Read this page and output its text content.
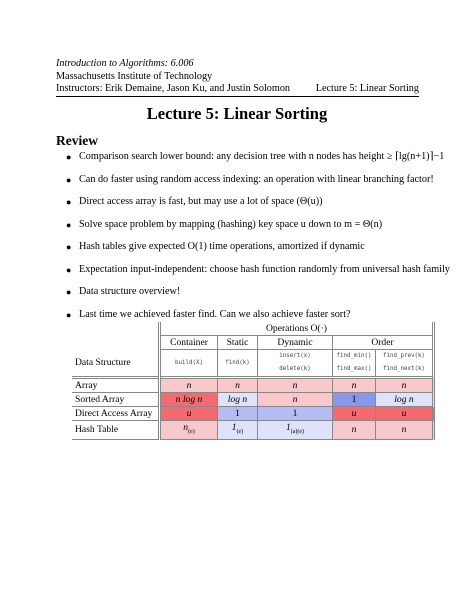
Introduction to Algorithms: 6.006
Massachusetts Institute of Technology
Instructors: Erik Demaine, Jason Ku, and Justin Solomon	Lecture 5: Linear Sorting
Lecture 5: Linear Sorting
Review
● Comparison search lower bound: any decision tree with n nodes has height ≥ ⌈lg(n+1)⌉−1
● Can do faster using random access indexing: an operation with linear branching factor!
● Direct access array is fast, but may use a lot of space (Θ(u))
● Solve space problem by mapping (hashing) key space u down to m = Θ(n)
● Hash tables give expected O(1) time operations, amortized if dynamic
● Expectation input-independent: choose hash function randomly from universal hash family
● Data structure overview!
● Last time we achieved faster find. Can we also achieve faster sort?
	Operations O(·)				
	Container	Static	Dynamic	Order	
Data Structure	build(X)	find(k)	insert(x)	find_min()	find_prev(k)
			delete(k)	find_max()	find_next(k)
Array	n	n	n	n	n
Sorted Array	n log n	log n	n	1	log n
Direct Access Array	u	1	1	u	u
Hash Table	$n_{(e)}$	$1_{(e)}$	$1_{(a)(e)}$	n	n
